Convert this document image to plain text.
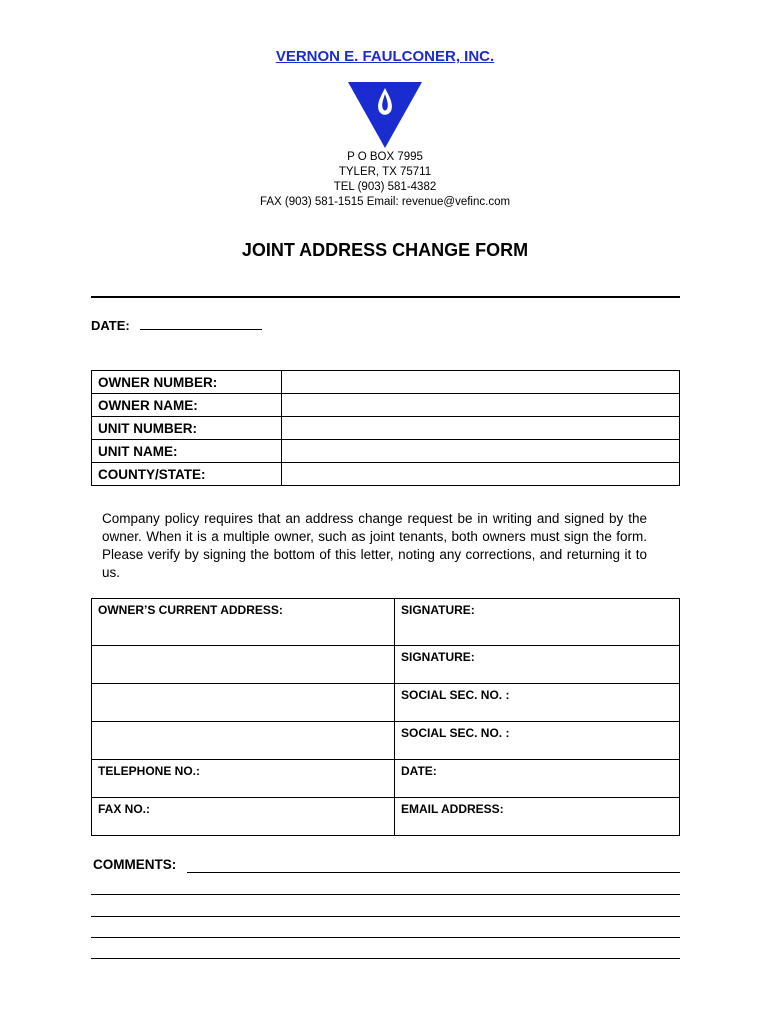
VERNON E. FAULCONER, INC.
P O BOX 7995
TYLER, TX 75711
TEL (903) 581-4382
FAX (903) 581-1515 Email: revenue@vefinc.com
JOINT ADDRESS CHANGE FORM
DATE:
OWNER NUMBER:	
OWNER NAME:	
UNIT NUMBER:	
UNIT NAME:	
COUNTY/STATE:	
Company policy requires that an address change request be in writing and signed by the owner. When it is a multiple owner, such as joint tenants, both owners must sign the form. Please verify by signing the bottom of this letter, noting any corrections, and returning it to us.
OWNER’S CURRENT ADDRESS:	SIGNATURE:
	SIGNATURE:
	SOCIAL SEC. NO. :
	SOCIAL SEC. NO. :
TELEPHONE NO.:	DATE:
FAX NO.:	EMAIL ADDRESS:
COMMENTS:
